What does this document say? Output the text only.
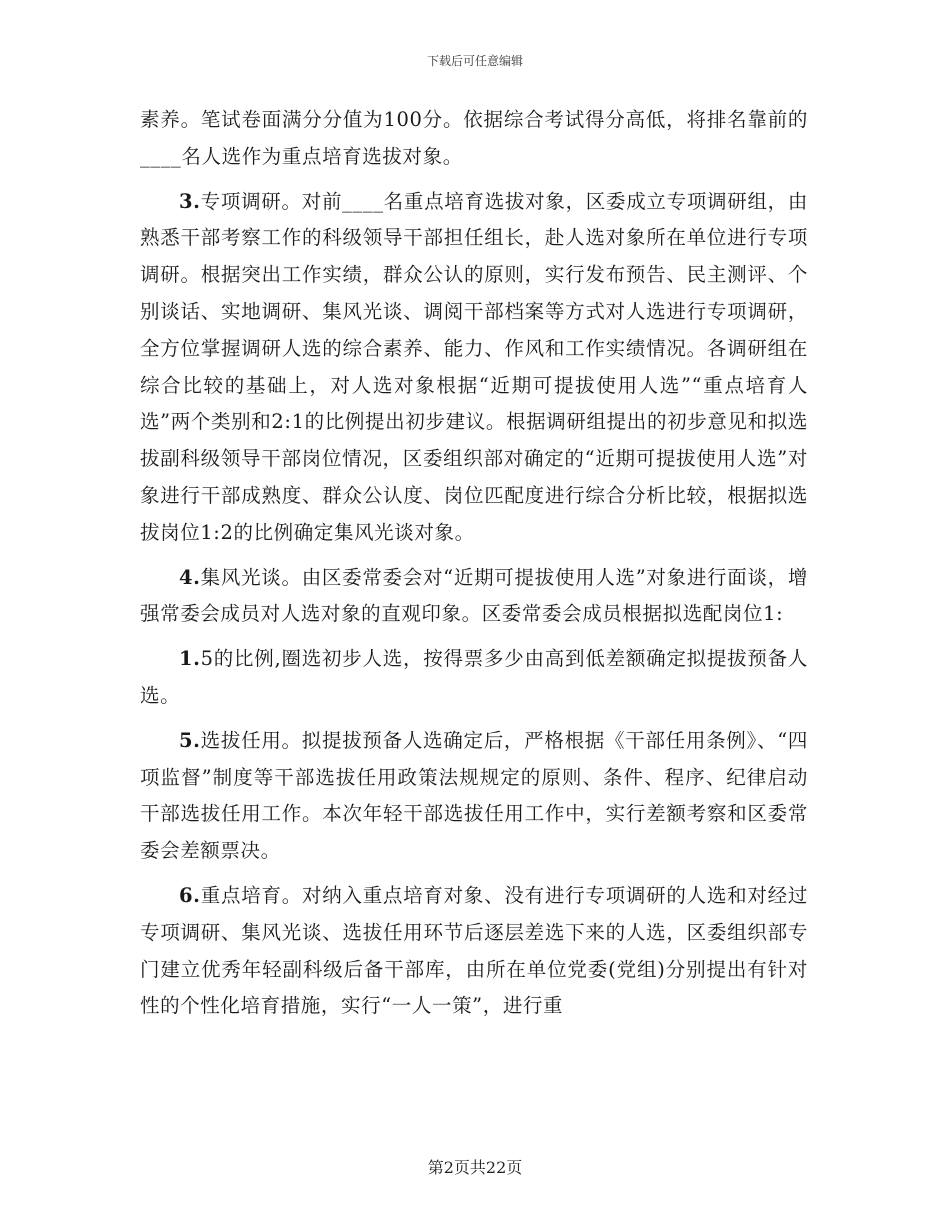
下载后可任意编辑

素养。笔试卷面满分分值为100分。依据综合考试得分高低，将排名靠前的____名人选作为重点培育选拔对象。

3.专项调研。对前____名重点培育选拔对象，区委成立专项调研组，由熟悉干部考察工作的科级领导干部担任组长，赴人选对象所在单位进行专项调研。根据突出工作实绩，群众公认的原则，实行发布预告、民主测评、个别谈话、实地调研、集风光谈、调阅干部档案等方式对人选进行专项调研，全方位掌握调研人选的综合素养、能力、作风和工作实绩情况。各调研组在综合比较的基础上，对人选对象根据“近期可提拔使用人选”“重点培育人选”两个类别和2:1的比例提出初步建议。根据调研组提出的初步意见和拟选拔副科级领导干部岗位情况，区委组织部对确定的“近期可提拔使用人选”对象进行干部成熟度、群众公认度、岗位匹配度进行综合分析比较，根据拟选拔岗位1:2的比例确定集风光谈对象。

4.集风光谈。由区委常委会对“近期可提拔使用人选”对象进行面谈，增强常委会成员对人选对象的直观印象。区委常委会成员根据拟选配岗位1:

1.5的比例,圈选初步人选，按得票多少由高到低差额确定拟提拔预备人选。

5.选拔任用。拟提拔预备人选确定后，严格根据《干部任用条例》、“四项监督”制度等干部选拔任用政策法规规定的原则、条件、程序、纪律启动干部选拔任用工作。本次年轻干部选拔任用工作中，实行差额考察和区委常委会差额票决。

6.重点培育。对纳入重点培育对象、没有进行专项调研的人选和对经过专项调研、集风光谈、选拔任用环节后逐层差选下来的人选，区委组织部专门建立优秀年轻副科级后备干部库，由所在单位党委(党组)分别提出有针对性的个性化培育措施，实行“一人一策”，进行重

第2页共22页
